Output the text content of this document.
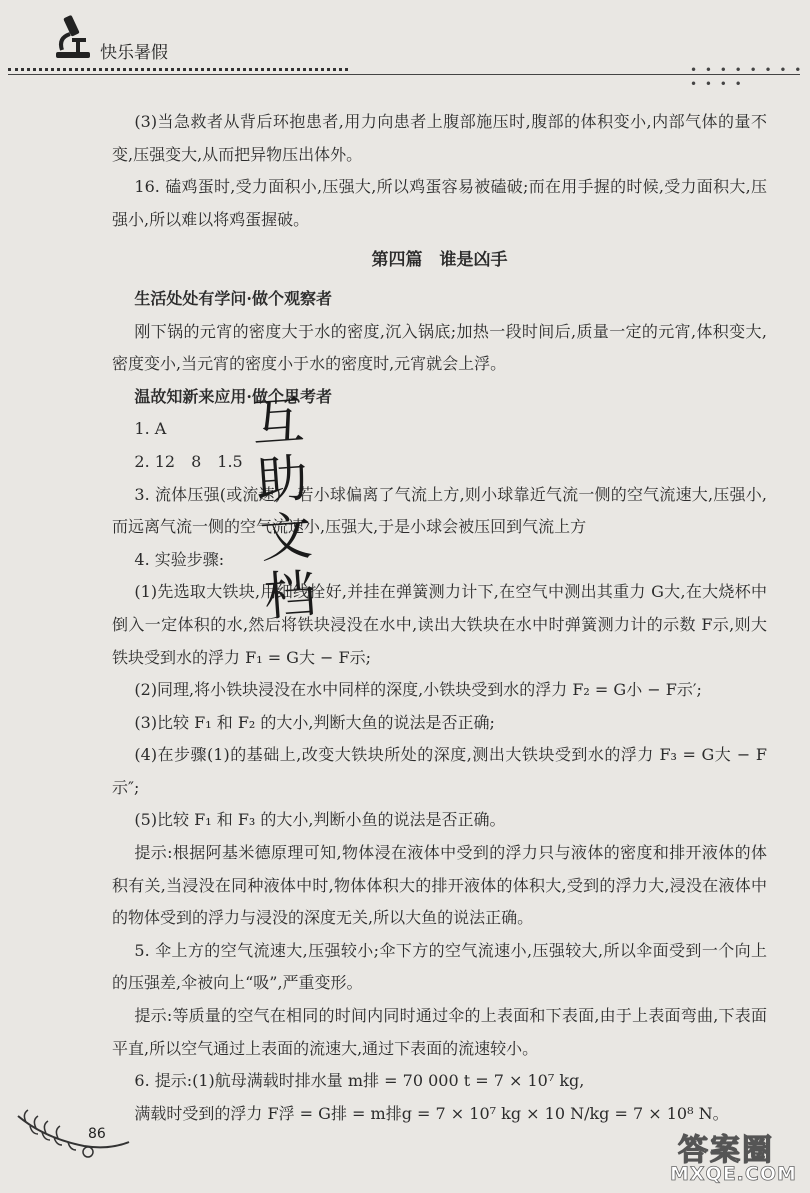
快乐暑假
• • • • • • • • • • • •

(3)当急救者从背后环抱患者,用力向患者上腹部施压时,腹部的体积变小,内部气体的量不变,压强变大,从而把异物压出体外。

16. 磕鸡蛋时,受力面积小,压强大,所以鸡蛋容易被磕破;而在用手握的时候,受力面积大,压强小,所以难以将鸡蛋握破。

第四篇　谁是凶手

生活处处有学问·做个观察者

刚下锅的元宵的密度大于水的密度,沉入锅底;加热一段时间后,质量一定的元宵,体积变大,密度变小,当元宵的密度小于水的密度时,元宵就会上浮。

温故知新来应用·做个思考者

1. A

2. 12　8　1.5

3. 流体压强(或流速)　若小球偏离了气流上方,则小球靠近气流一侧的空气流速大,压强小,而远离气流一侧的空气流速小,压强大,于是小球会被压回到气流上方

4. 实验步骤:

(1)先选取大铁块,用细线拴好,并挂在弹簧测力计下,在空气中测出其重力 G大,在大烧杯中倒入一定体积的水,然后将铁块浸没在水中,读出大铁块在水中时弹簧测力计的示数 F示,则大铁块受到水的浮力 F₁ = G大 − F示;

(2)同理,将小铁块浸没在水中同样的深度,小铁块受到水的浮力 F₂ = G小 − F示′;

(3)比较 F₁ 和 F₂ 的大小,判断大鱼的说法是否正确;

(4)在步骤(1)的基础上,改变大铁块所处的深度,测出大铁块受到水的浮力 F₃ = G大 − F示″;

(5)比较 F₁ 和 F₃ 的大小,判断小鱼的说法是否正确。

提示:根据阿基米德原理可知,物体浸在液体中受到的浮力只与液体的密度和排开液体的体积有关,当浸没在同种液体中时,物体体积大的排开液体的体积大,受到的浮力大,浸没在液体中的物体受到的浮力与浸没的深度无关,所以大鱼的说法正确。

5. 伞上方的空气流速大,压强较小;伞下方的空气流速小,压强较大,所以伞面受到一个向上的压强差,伞被向上“吸”,严重变形。

提示:等质量的空气在相同的时间内同时通过伞的上表面和下表面,由于上表面弯曲,下表面平直,所以空气通过上表面的流速大,通过下表面的流速较小。

6. 提示:(1)航母满载时排水量 m排 = 70 000 t = 7 × 10⁷ kg,

满载时受到的浮力 F浮 = G排 = m排g = 7 × 10⁷ kg × 10 N/kg = 7 × 10⁸ N。

互
助
文
档
86	答案圈
MXQE.COM
